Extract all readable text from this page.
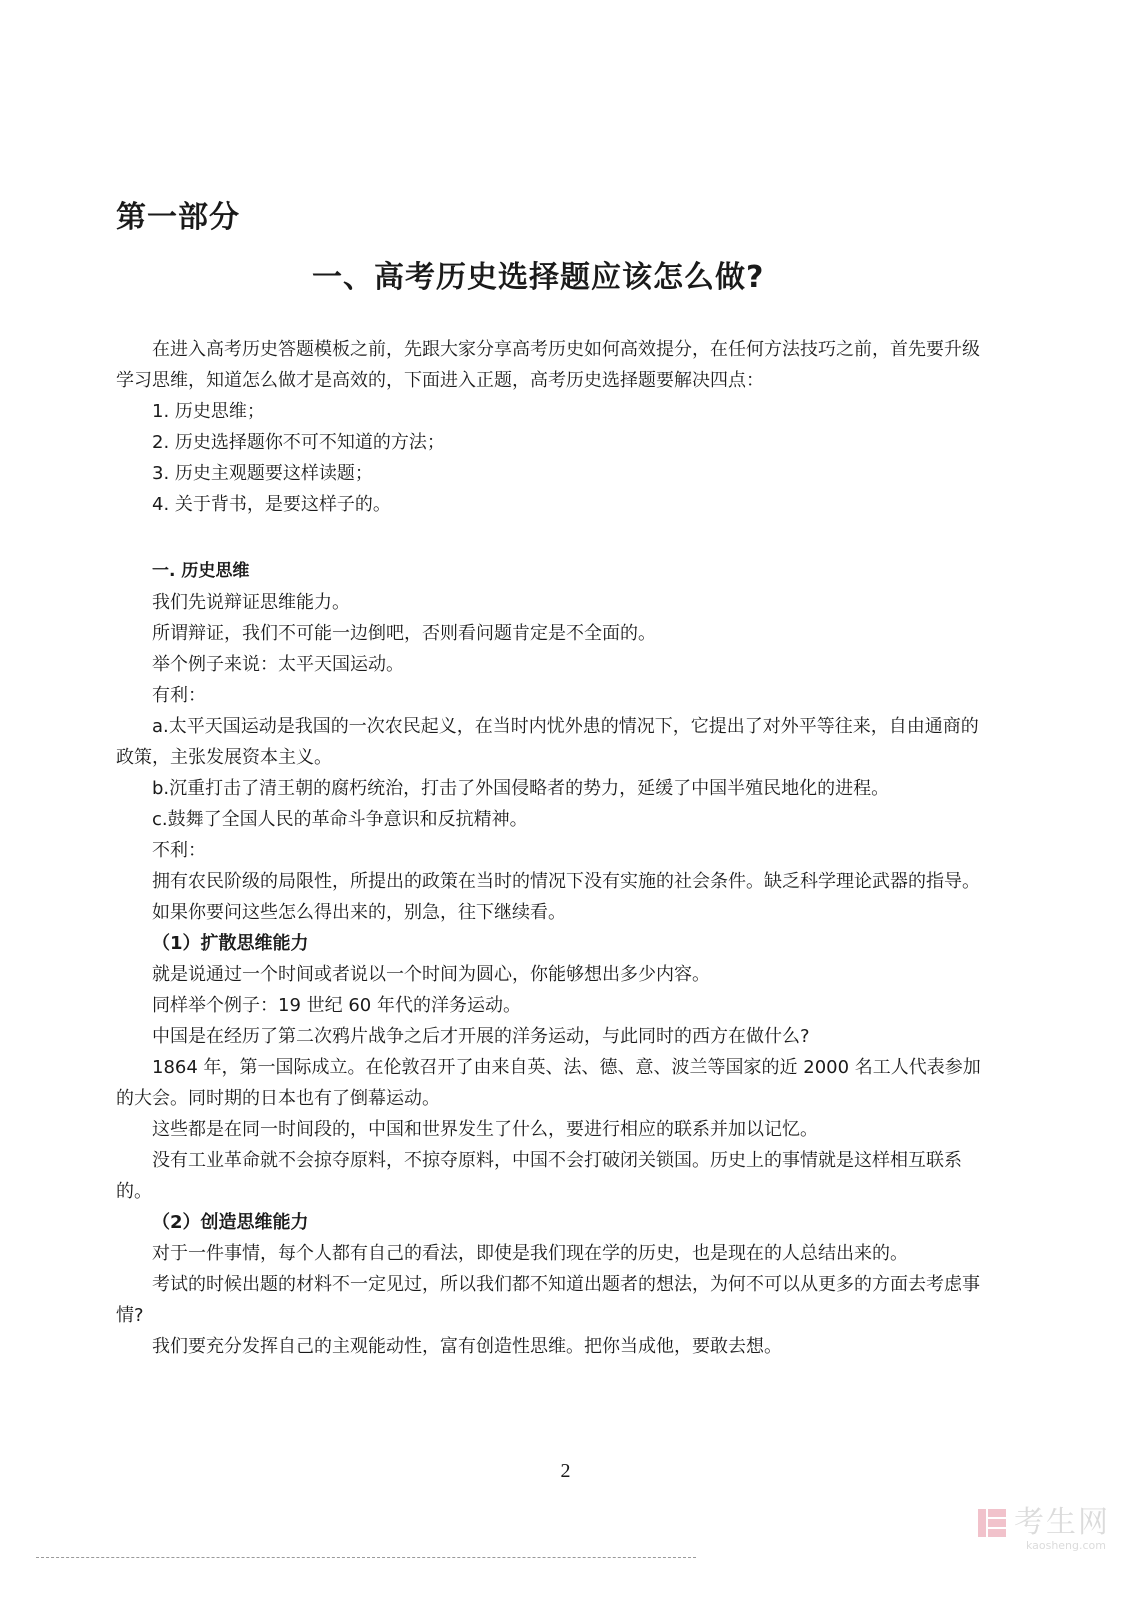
第一部分
一、高考历史选择题应该怎么做?

在进入高考历史答题模板之前，先跟大家分享高考历史如何高效提分，在任何方法技巧之前，首先要升级学习思维，知道怎么做才是高效的，下面进入正题，高考历史选择题要解决四点：

1. 历史思维；

2. 历史选择题你不可不知道的方法；

3. 历史主观题要这样读题；

4. 关于背书，是要这样子的。

一. 历史思维

我们先说辩证思维能力。

所谓辩证，我们不可能一边倒吧，否则看问题肯定是不全面的。

举个例子来说：太平天国运动。

有利：

a.太平天国运动是我国的一次农民起义，在当时内忧外患的情况下，它提出了对外平等往来，自由通商的政策，主张发展资本主义。

b.沉重打击了清王朝的腐朽统治，打击了外国侵略者的势力，延缓了中国半殖民地化的进程。

c.鼓舞了全国人民的革命斗争意识和反抗精神。

不利：

拥有农民阶级的局限性，所提出的政策在当时的情况下没有实施的社会条件。缺乏科学理论武器的指导。

如果你要问这些怎么得出来的，别急，往下继续看。

（1）扩散思维能力

就是说通过一个时间或者说以一个时间为圆心，你能够想出多少内容。

同样举个例子：19 世纪 60 年代的洋务运动。

中国是在经历了第二次鸦片战争之后才开展的洋务运动，与此同时的西方在做什么?

1864 年，第一国际成立。在伦敦召开了由来自英、法、德、意、波兰等国家的近 2000 名工人代表参加的大会。同时期的日本也有了倒幕运动。

这些都是在同一时间段的，中国和世界发生了什么，要进行相应的联系并加以记忆。

没有工业革命就不会掠夺原料，不掠夺原料，中国不会打破闭关锁国。历史上的事情就是这样相互联系的。

（2）创造思维能力

对于一件事情，每个人都有自己的看法，即使是我们现在学的历史，也是现在的人总结出来的。

考试的时候出题的材料不一定见过，所以我们都不知道出题者的想法，为何不可以从更多的方面去考虑事情?

我们要充分发挥自己的主观能动性，富有创造性思维。把你当成他，要敢去想。

2
考生网
kaosheng.com
